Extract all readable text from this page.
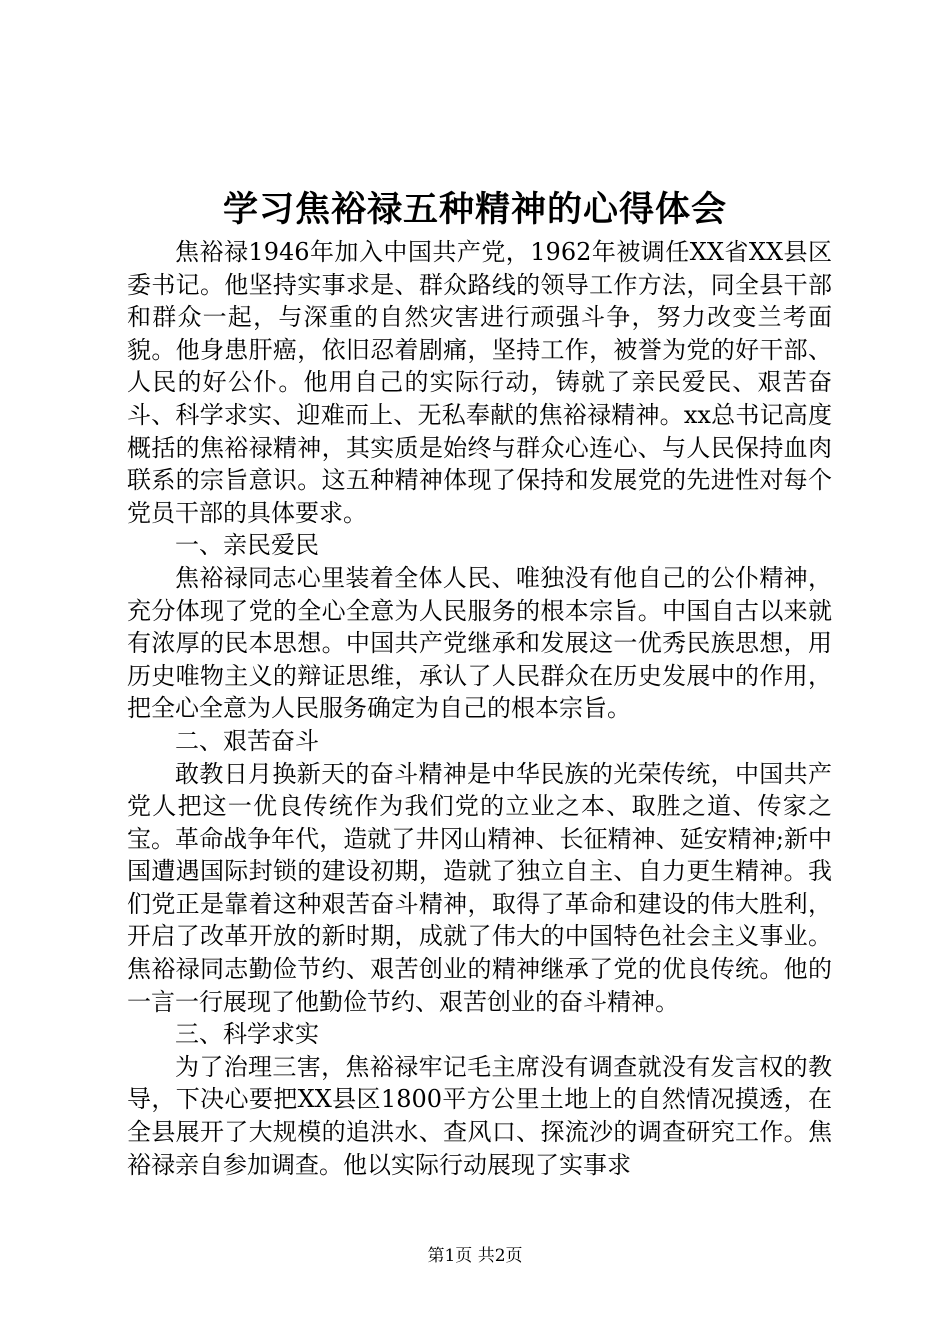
学习焦裕禄五种精神的心得体会

焦裕禄1946年加入中国共产党，1962年被调任XX省XX县区委书记。他坚持实事求是、群众路线的领导工作方法，同全县干部和群众一起，与深重的自然灾害进行顽强斗争，努力改变兰考面貌。他身患肝癌，依旧忍着剧痛，坚持工作，被誉为党的好干部、人民的好公仆。他用自己的实际行动，铸就了亲民爱民、艰苦奋斗、科学求实、迎难而上、无私奉献的焦裕禄精神。xx总书记高度概括的焦裕禄精神，其实质是始终与群众心连心、与人民保持血肉联系的宗旨意识。这五种精神体现了保持和发展党的先进性对每个党员干部的具体要求。

一、亲民爱民

焦裕禄同志心里装着全体人民、唯独没有他自己的公仆精神，充分体现了党的全心全意为人民服务的根本宗旨。中国自古以来就有浓厚的民本思想。中国共产党继承和发展这一优秀民族思想，用历史唯物主义的辩证思维，承认了人民群众在历史发展中的作用，把全心全意为人民服务确定为自己的根本宗旨。

二、艰苦奋斗

敢教日月换新天的奋斗精神是中华民族的光荣传统，中国共产党人把这一优良传统作为我们党的立业之本、取胜之道、传家之宝。革命战争年代，造就了井冈山精神、长征精神、延安精神;新中国遭遇国际封锁的建设初期，造就了独立自主、自力更生精神。我们党正是靠着这种艰苦奋斗精神，取得了革命和建设的伟大胜利，开启了改革开放的新时期，成就了伟大的中国特色社会主义事业。焦裕禄同志勤俭节约、艰苦创业的精神继承了党的优良传统。他的一言一行展现了他勤俭节约、艰苦创业的奋斗精神。

三、科学求实

为了治理三害，焦裕禄牢记毛主席没有调查就没有发言权的教导，下决心要把XX县区1800平方公里土地上的自然情况摸透，在全县展开了大规模的追洪水、查风口、探流沙的调查研究工作。焦裕禄亲自参加调查。他以实际行动展现了实事求

第1页 共2页
